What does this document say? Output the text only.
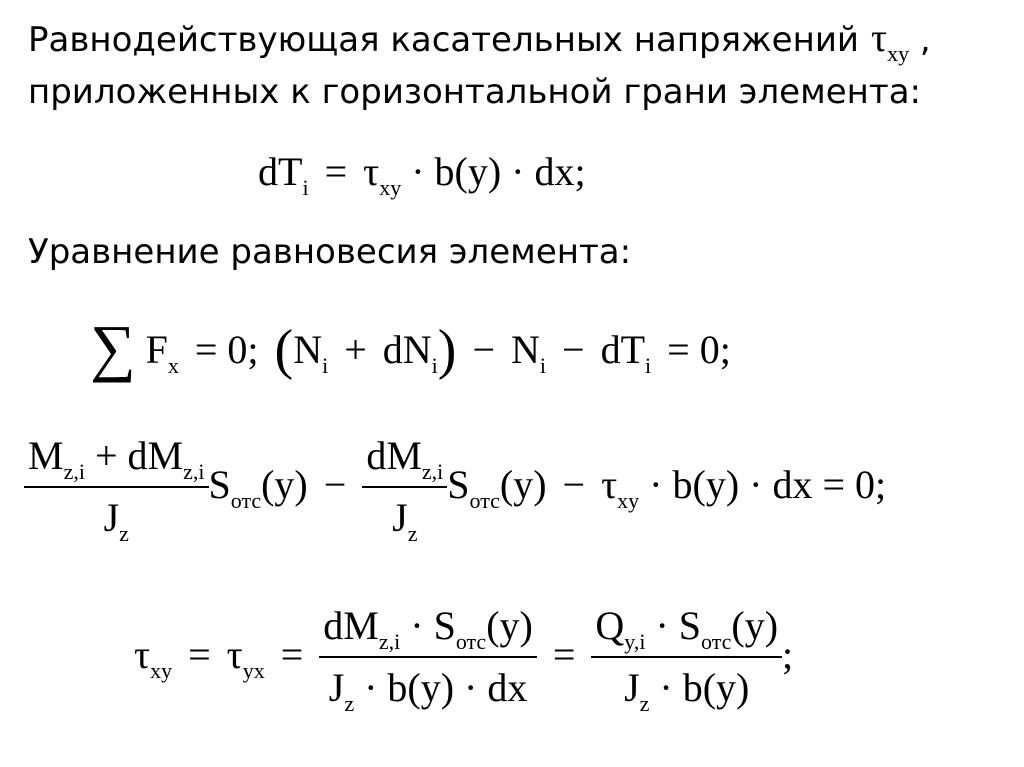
Равнодействующая касательных напряжений $\tau_{xy}$ ,
приложенных к горизонтальной грани элемента:
$dT_i = \tau_{xy} \cdot b(y)$ · dx;
Уравнение равновесия элемента:
∑ $F_x = 0$; $(N_i + dN_i) - N_i - dT_i = 0$;
$\frac{M_{z,i} + dM_{z,i}}{J_z} S_{отс}(y) - \frac{dM_{z,i}}{J_z} S_{отс}(y) - \tau_{xy} \cdot b(y)$ · dx = 0;
$\tau_{xy} = \tau_{yx} = \frac{dM_{z,i} \cdot S_{отс}(y)}{J_z \cdot b(y) \cdot dx} = \frac{Q_{y,i} \cdot S_{отс}(y)}{J_z \cdot b(y)}$ ;
